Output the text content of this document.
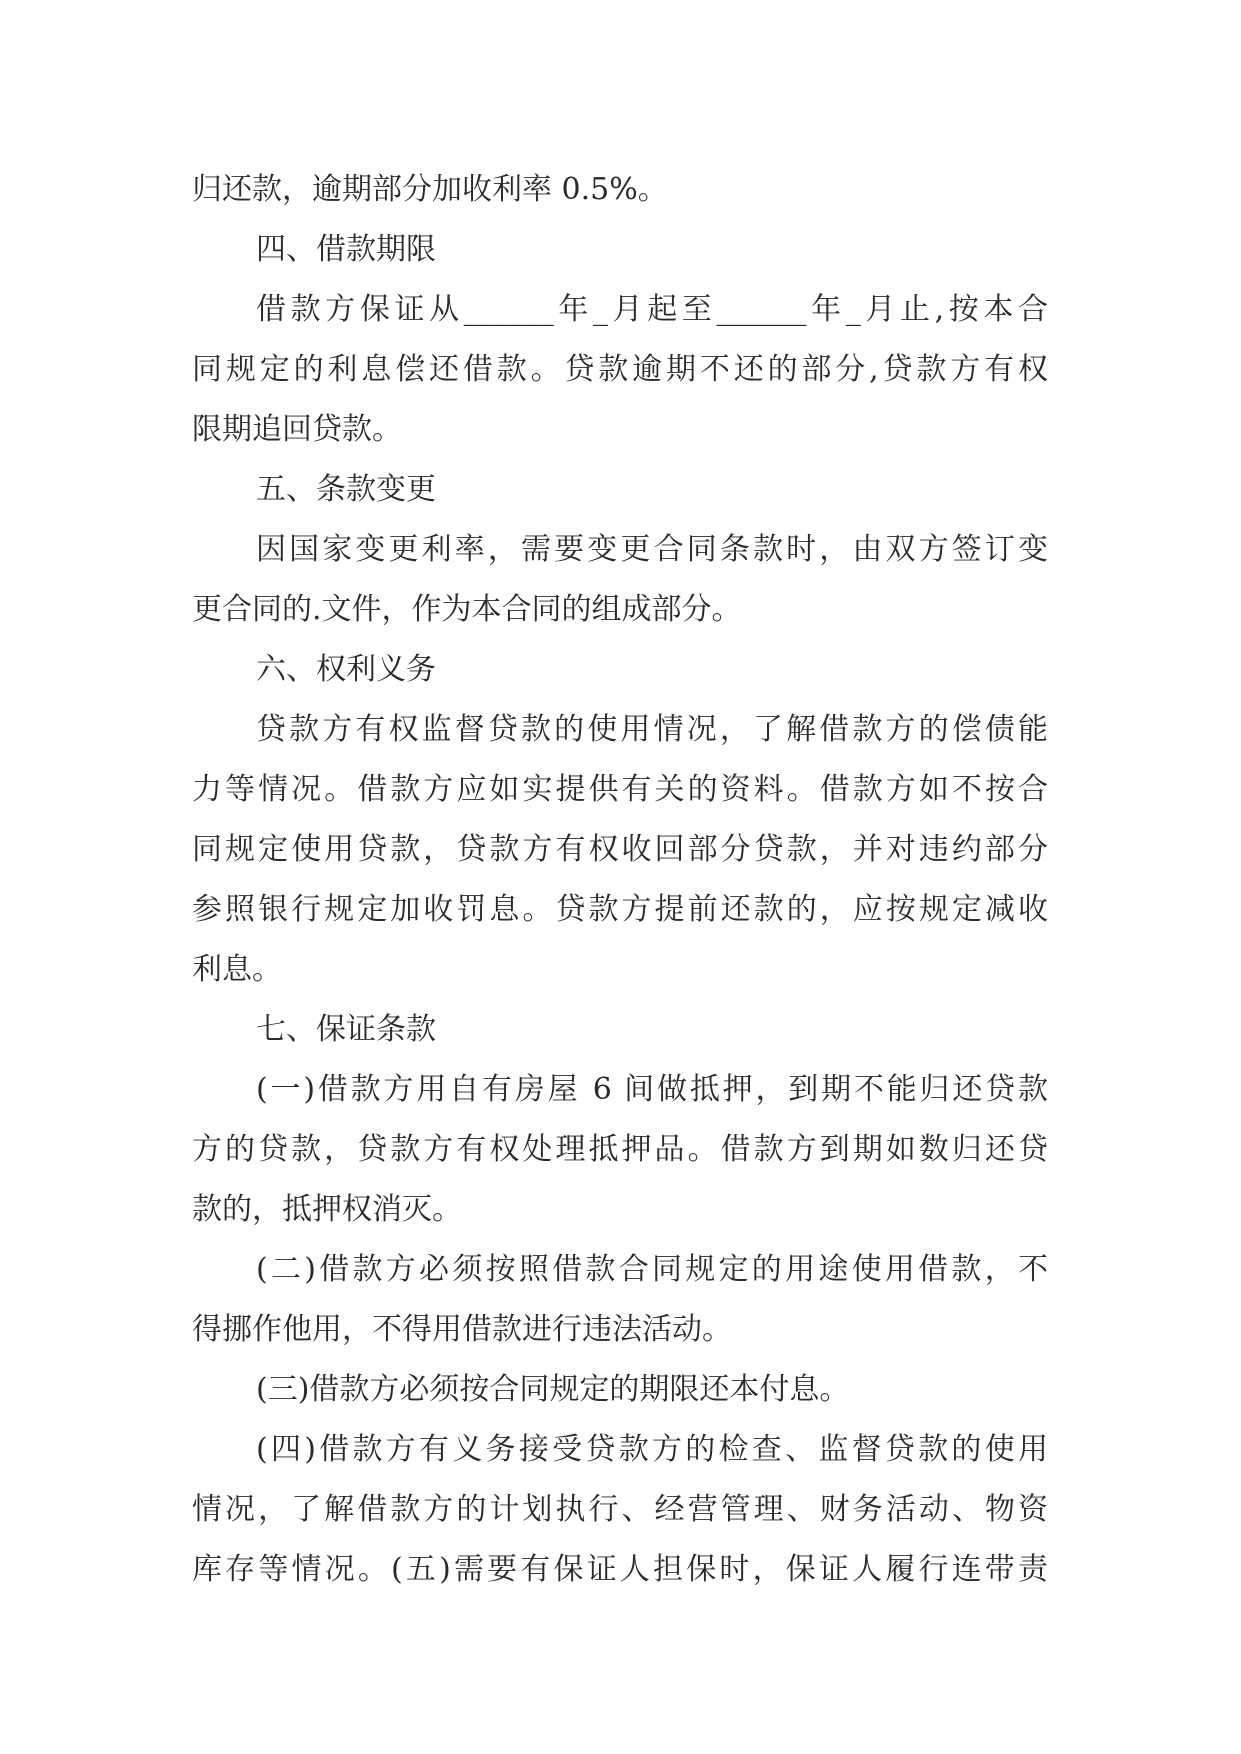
归还款，逾期部分加收利率 0.5%。
四、借款期限
借款方保证从______年_月起至______年_月止,按本合
同规定的利息偿还借款。贷款逾期不还的部分,贷款方有权
限期追回贷款。
五、条款变更
因国家变更利率，需要变更合同条款时，由双方签订变
更合同的.文件，作为本合同的组成部分。
六、权利义务
贷款方有权监督贷款的使用情况，了解借款方的偿债能
力等情况。借款方应如实提供有关的资料。借款方如不按合
同规定使用贷款，贷款方有权收回部分贷款，并对违约部分
参照银行规定加收罚息。贷款方提前还款的，应按规定减收
利息。
七、保证条款
(一)借款方用自有房屋 6 间做抵押，到期不能归还贷款
方的贷款，贷款方有权处理抵押品。借款方到期如数归还贷
款的，抵押权消灭。
(二)借款方必须按照借款合同规定的用途使用借款，不
得挪作他用，不得用借款进行违法活动。
(三)借款方必须按合同规定的期限还本付息。
(四)借款方有义务接受贷款方的检查、监督贷款的使用
情况，了解借款方的计划执行、经营管理、财务活动、物资
库存等情况。(五)需要有保证人担保时，保证人履行连带责
